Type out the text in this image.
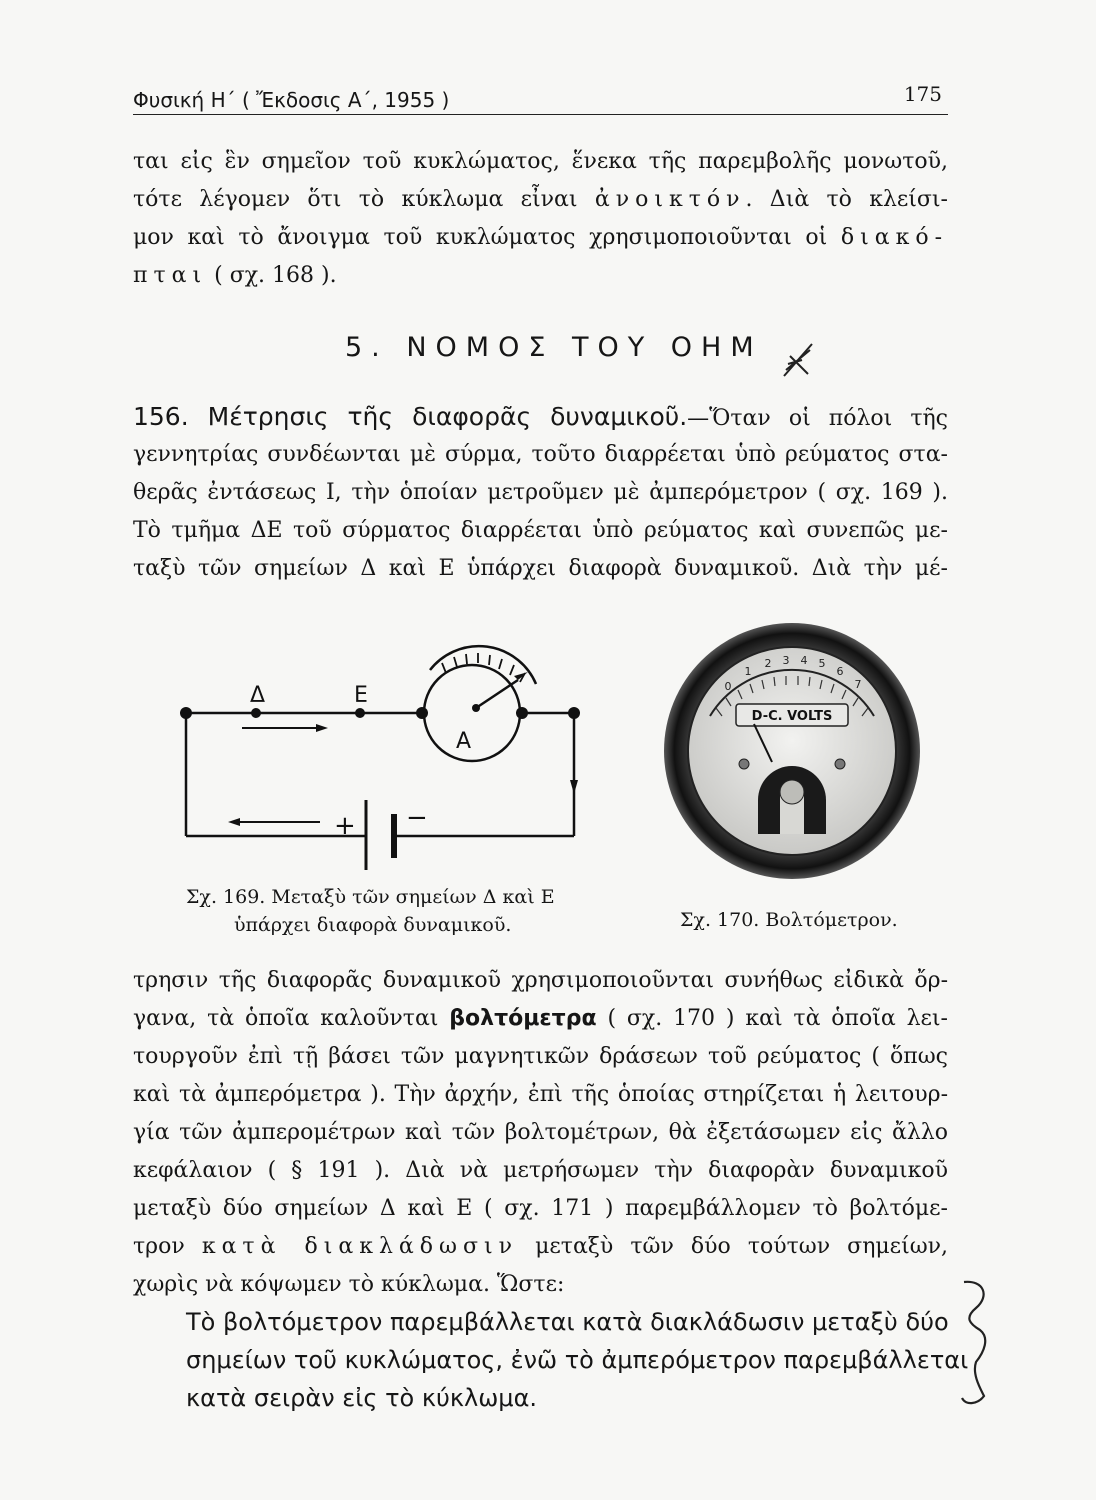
Φυσική Η΄ ( Ἔκδοσις Α΄, 1955 )	175
ται εἰς ἓν σημεῖον τοῦ κυκλώματος, ἕνεκα τῆς παρεμβολῆς μονωτοῦ,
τότε λέγομεν ὅτι τὸ κύκλωμα εἶναι ἀνοικτόν. Διὰ τὸ κλείσι-
μον καὶ τὸ ἄνοιγμα τοῦ κυκλώματος χρησιμοποιοῦνται οἱ διακό-
πται ( σχ. 168 ).
5. ΝΟΜΟΣ ΤΟΥ ΟΗΜ
156. Μέτρησις τῆς διαφορᾶς δυναμικοῦ.—Ὅταν οἱ πόλοι τῆς
γεννητρίας συνδέωνται μὲ σύρμα, τοῦτο διαρρέεται ὑπὸ ρεύματος στα-
θερᾶς ἐντάσεως I, τὴν ὁποίαν μετροῦμεν μὲ ἀμπερόμετρον ( σχ. 169 ).
Τὸ τμῆμα ΔΕ τοῦ σύρματος διαρρέεται ὑπὸ ρεύματος καὶ συνεπῶς με-
ταξὺ τῶν σημείων Δ καὶ Ε ὑπάρχει διαφορὰ δυναμικοῦ. Διὰ τὴν μέ-
Δ	Ε
A
+ −
Σχ. 169. Μεταξὺ τῶν σημείων Δ καὶ Ε
ὑπάρχει διαφορὰ δυναμικοῦ.
0
1
2 3 4 5
6
7
D-C. VOLTS
Σχ. 170. Βολτόμετρον.
τρησιν τῆς διαφορᾶς δυναμικοῦ χρησιμοποιοῦνται συνήθως εἰδικὰ ὄρ-
γανα, τὰ ὁποῖα καλοῦνται βολτόμετρα ( σχ. 170 ) καὶ τὰ ὁποῖα λει-
τουργοῦν ἐπὶ τῇ βάσει τῶν μαγνητικῶν δράσεων τοῦ ρεύματος ( ὅπως
καὶ τὰ ἀμπερόμετρα ). Τὴν ἀρχήν, ἐπὶ τῆς ὁποίας στηρίζεται ἡ λειτουρ-
γία τῶν ἀμπερομέτρων καὶ τῶν βολτομέτρων, θὰ ἐξετάσωμεν εἰς ἄλλο
κεφάλαιον ( § 191 ). Διὰ νὰ μετρήσωμεν τὴν διαφορὰν δυναμικοῦ
μεταξὺ δύο σημείων Δ καὶ Ε ( σχ. 171 ) παρεμβάλλομεν τὸ βολτόμε-
τρον κατὰ διακλάδωσιν μεταξὺ τῶν δύο τούτων σημείων,
χωρὶς νὰ κόψωμεν τὸ κύκλωμα. Ὥστε:
Τὸ βολτόμετρον παρεμβάλλεται κατὰ διακλάδωσιν μεταξὺ δύο
σημείων τοῦ κυκλώματος, ἐνῶ τὸ ἀμπερόμετρον παρεμβάλλεται
κατὰ σειρὰν εἰς τὸ κύκλωμα.
